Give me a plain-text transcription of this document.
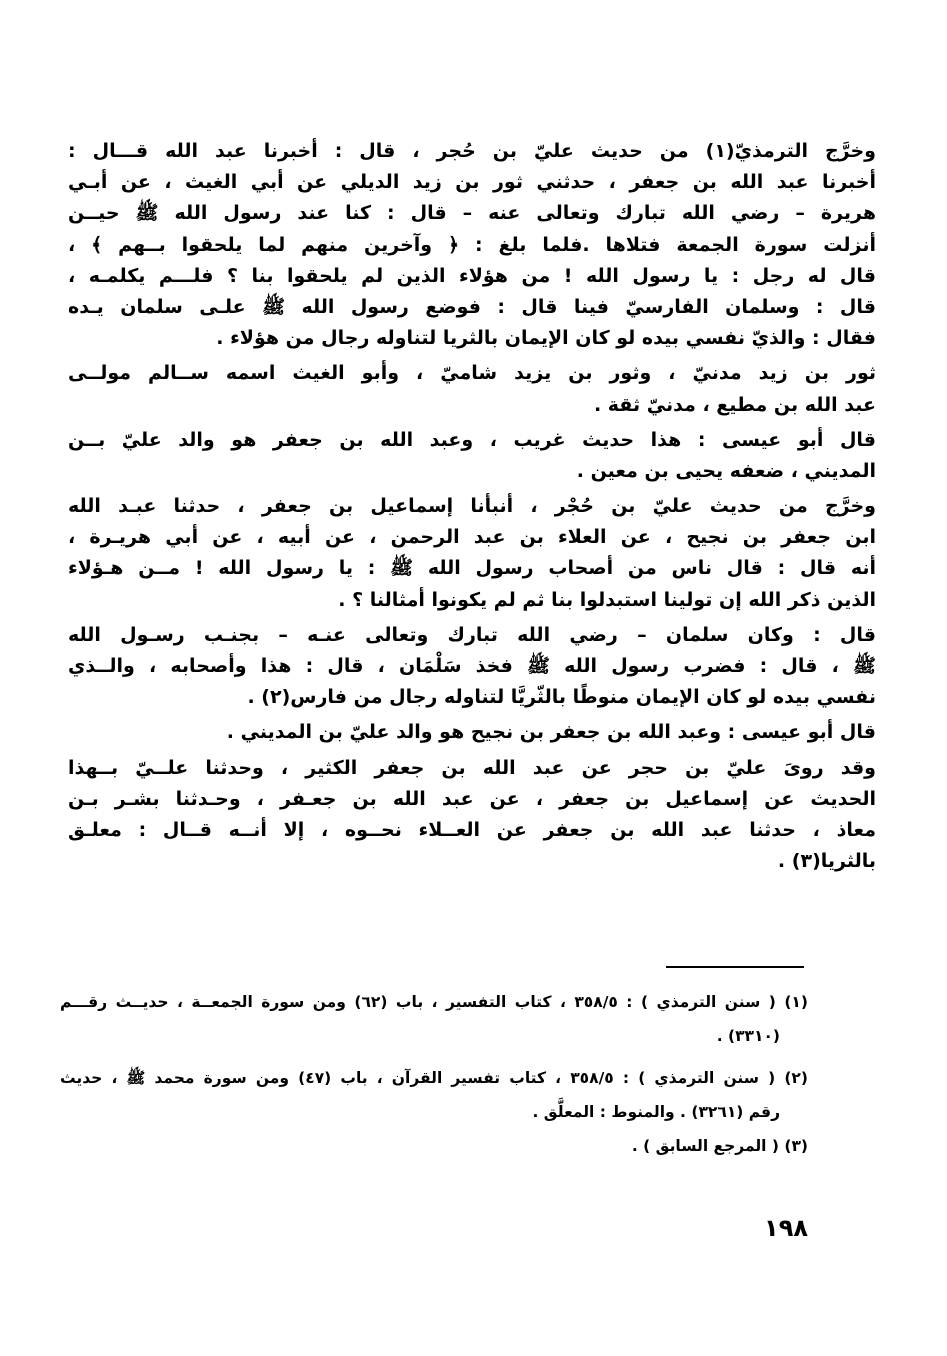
وخرَّج الترمذيّ(١) من حديث عليّ بن حُجر ، قال : أخبرنا عبد الله قـــال :
أخبرنا عبد الله بن جعفر ، حدثني ثور بن زيد الديلي عن أبي الغيث ، عن أبـي
هريرة – رضي الله تبارك وتعالى عنه – قال : كنا عند رسول الله ﷺ حيــن
أنزلت سورة الجمعة فتلاها .فلما بلغ : ﴿ وآخرين منهم لما يلحقوا بــهم ﴾ ،
قال له رجل : يا رسول الله ! من هؤلاء الذين لم يلحقوا بنا ؟ فلـــم يكلمـه ،
قال : وسلمان الفارسيّ فينا قال : فوضع رسول الله ﷺ علـى سلمان يـده
فقال : والذيّ نفسي بيده لو كان الإيمان بالثريا لتناوله رجال من هؤلاء .
ثور بن زيد مدنيّ ، وثور بن يزيد شاميّ ، وأبو الغيث اسمه ســالم مولــى
عبد الله بن مطيع ، مدنيّ ثقة .
قال أبو عيسى : هذا حديث غريب ، وعبد الله بن جعفر هو والد عليّ بــن
المديني ، ضعفه يحيى بن معين .
وخرَّج من حديث عليّ بن حُجْر ، أنبأنا إسماعيل بن جعفر ، حدثنا عبـد الله
ابن جعفر بن نجيح ، عن العلاء بن عبد الرحمن ، عن أبيه ، عن أبي هريـرة ،
أنه قال : قال ناس من أصحاب رسول الله ﷺ : يا رسول الله ! مــن هـؤلاء
الذين ذكر الله إن تولينا استبدلوا بنا ثم لم يكونوا أمثالنا ؟ .
قال : وكان سلمان – رضي الله تبارك وتعالى عنـه – بجنـب رسـول الله
ﷺ ، قال : فضرب رسول الله ﷺ فخذ سَلْمَان ، قال : هذا وأصحابه ، والــذي
نفسي بيده لو كان الإيمان منوطًا بالثّريَّا لتناوله رجال من فارس(٢) .
قال أبو عيسى : وعبد الله بن جعفر بن نجيح هو والد عليّ بن المديني .
وقد روىَ عليّ بن حجر عن عبد الله بن جعفر الكثير ، وحدثنا علــيّ بــهذا
الحديث عن إسماعيل بن جعفر ، عن عبد الله بن جعـفر ، وحـدثنا بشـر بـن
معاذ ، حدثنا عبد الله بن جعفر عن العــلاء نحــوه ، إلا أنــه قــال : معلـق
بالثريا(٣) .
(١) ( سنن الترمذي ) : ٣٥٨/٥ ، كتاب التفسير ، باب (٦٢) ومن سورة الجمعــة ، حديــث رقـــم
(٣٣١٠) .
(٢) ( سنن الترمذي ) : ٣٥٨/٥ ، كتاب تفسير القرآن ، باب (٤٧) ومن سورة محمد ﷺ ، حديث
رقم (٣٢٦١) . والمنوط : المعلَّق .
(٣) ( المرجع السابق ) .
١٩٨
